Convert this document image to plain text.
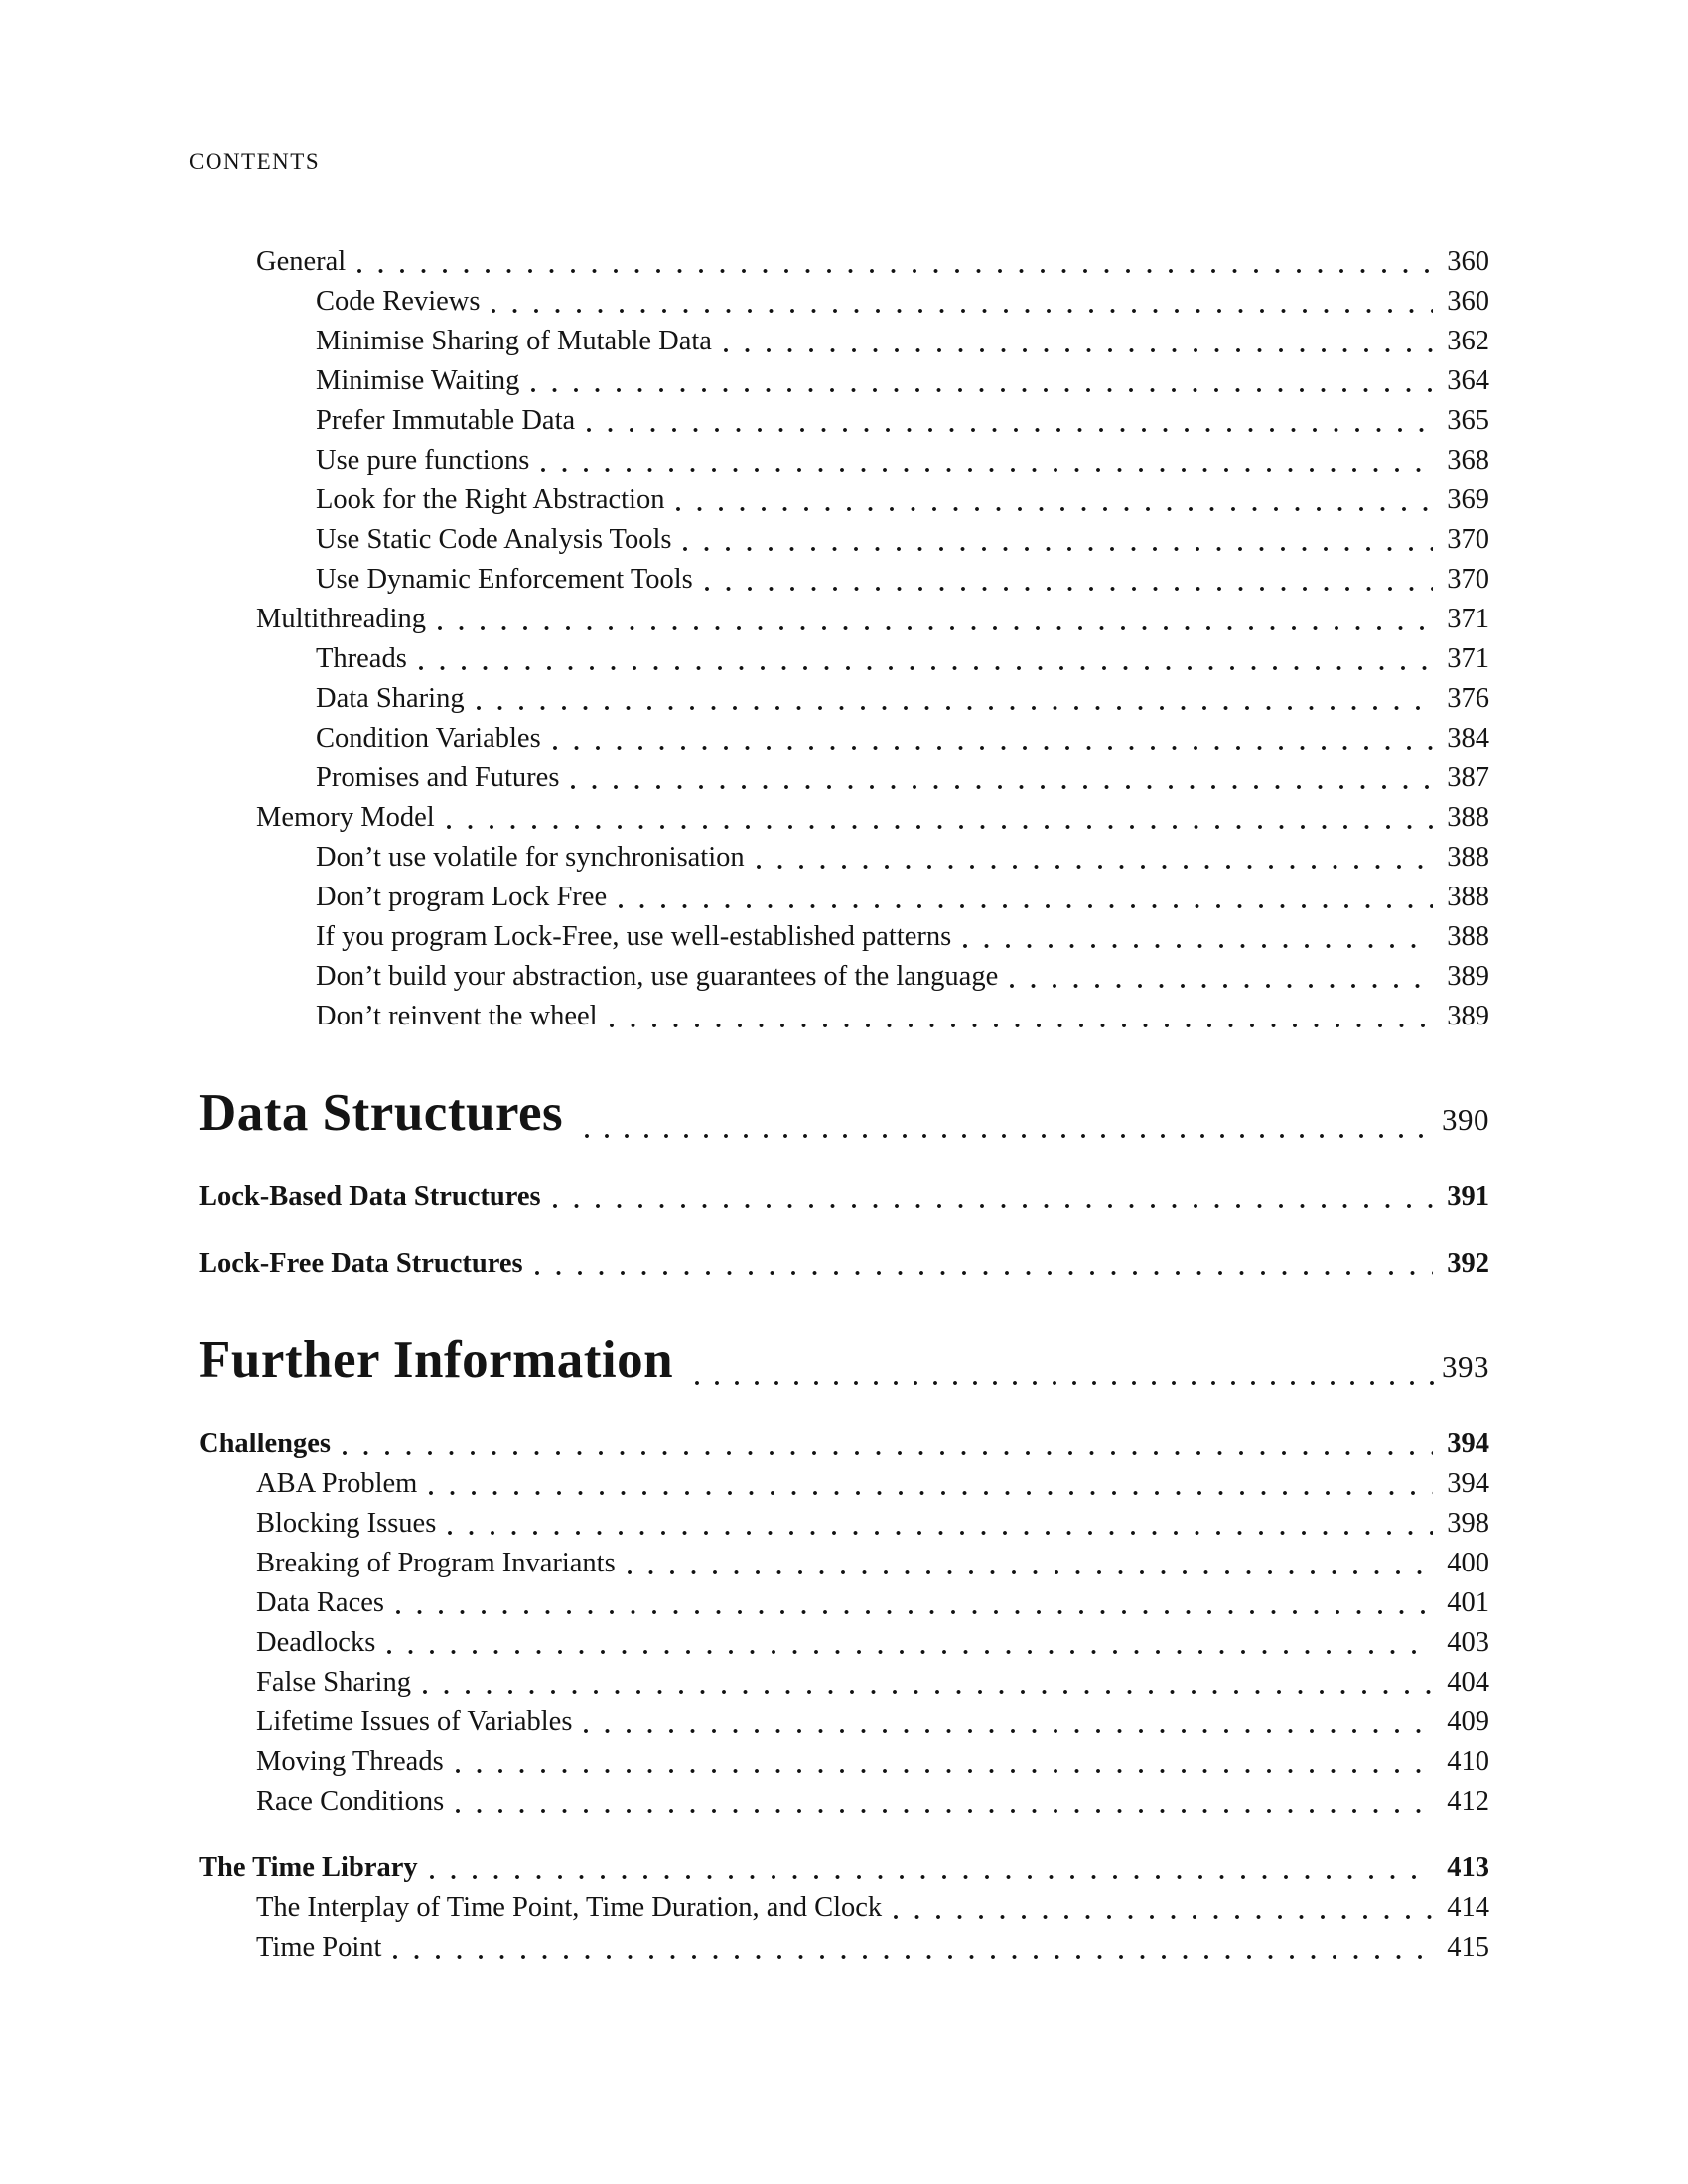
CONTENTS
General	360
Code Reviews	360
Minimise Sharing of Mutable Data	362
Minimise Waiting	364
Prefer Immutable Data	365
Use pure functions	368
Look for the Right Abstraction	369
Use Static Code Analysis Tools	370
Use Dynamic Enforcement Tools	370
Multithreading	371
Threads	371
Data Sharing	376
Condition Variables	384
Promises and Futures	387
Memory Model	388
Don’t use volatile for synchronisation	388
Don’t program Lock Free	388
If you program Lock-Free, use well-established patterns	388
Don’t build your abstraction, use guarantees of the language	389
Don’t reinvent the wheel	389
Data Structures	390
Lock-Based Data Structures	391
Lock-Free Data Structures	392
Further Information	393
Challenges	394
ABA Problem	394
Blocking Issues	398
Breaking of Program Invariants	400
Data Races	401
Deadlocks	403
False Sharing	404
Lifetime Issues of Variables	409
Moving Threads	410
Race Conditions	412
The Time Library	413
The Interplay of Time Point, Time Duration, and Clock	414
Time Point	415
